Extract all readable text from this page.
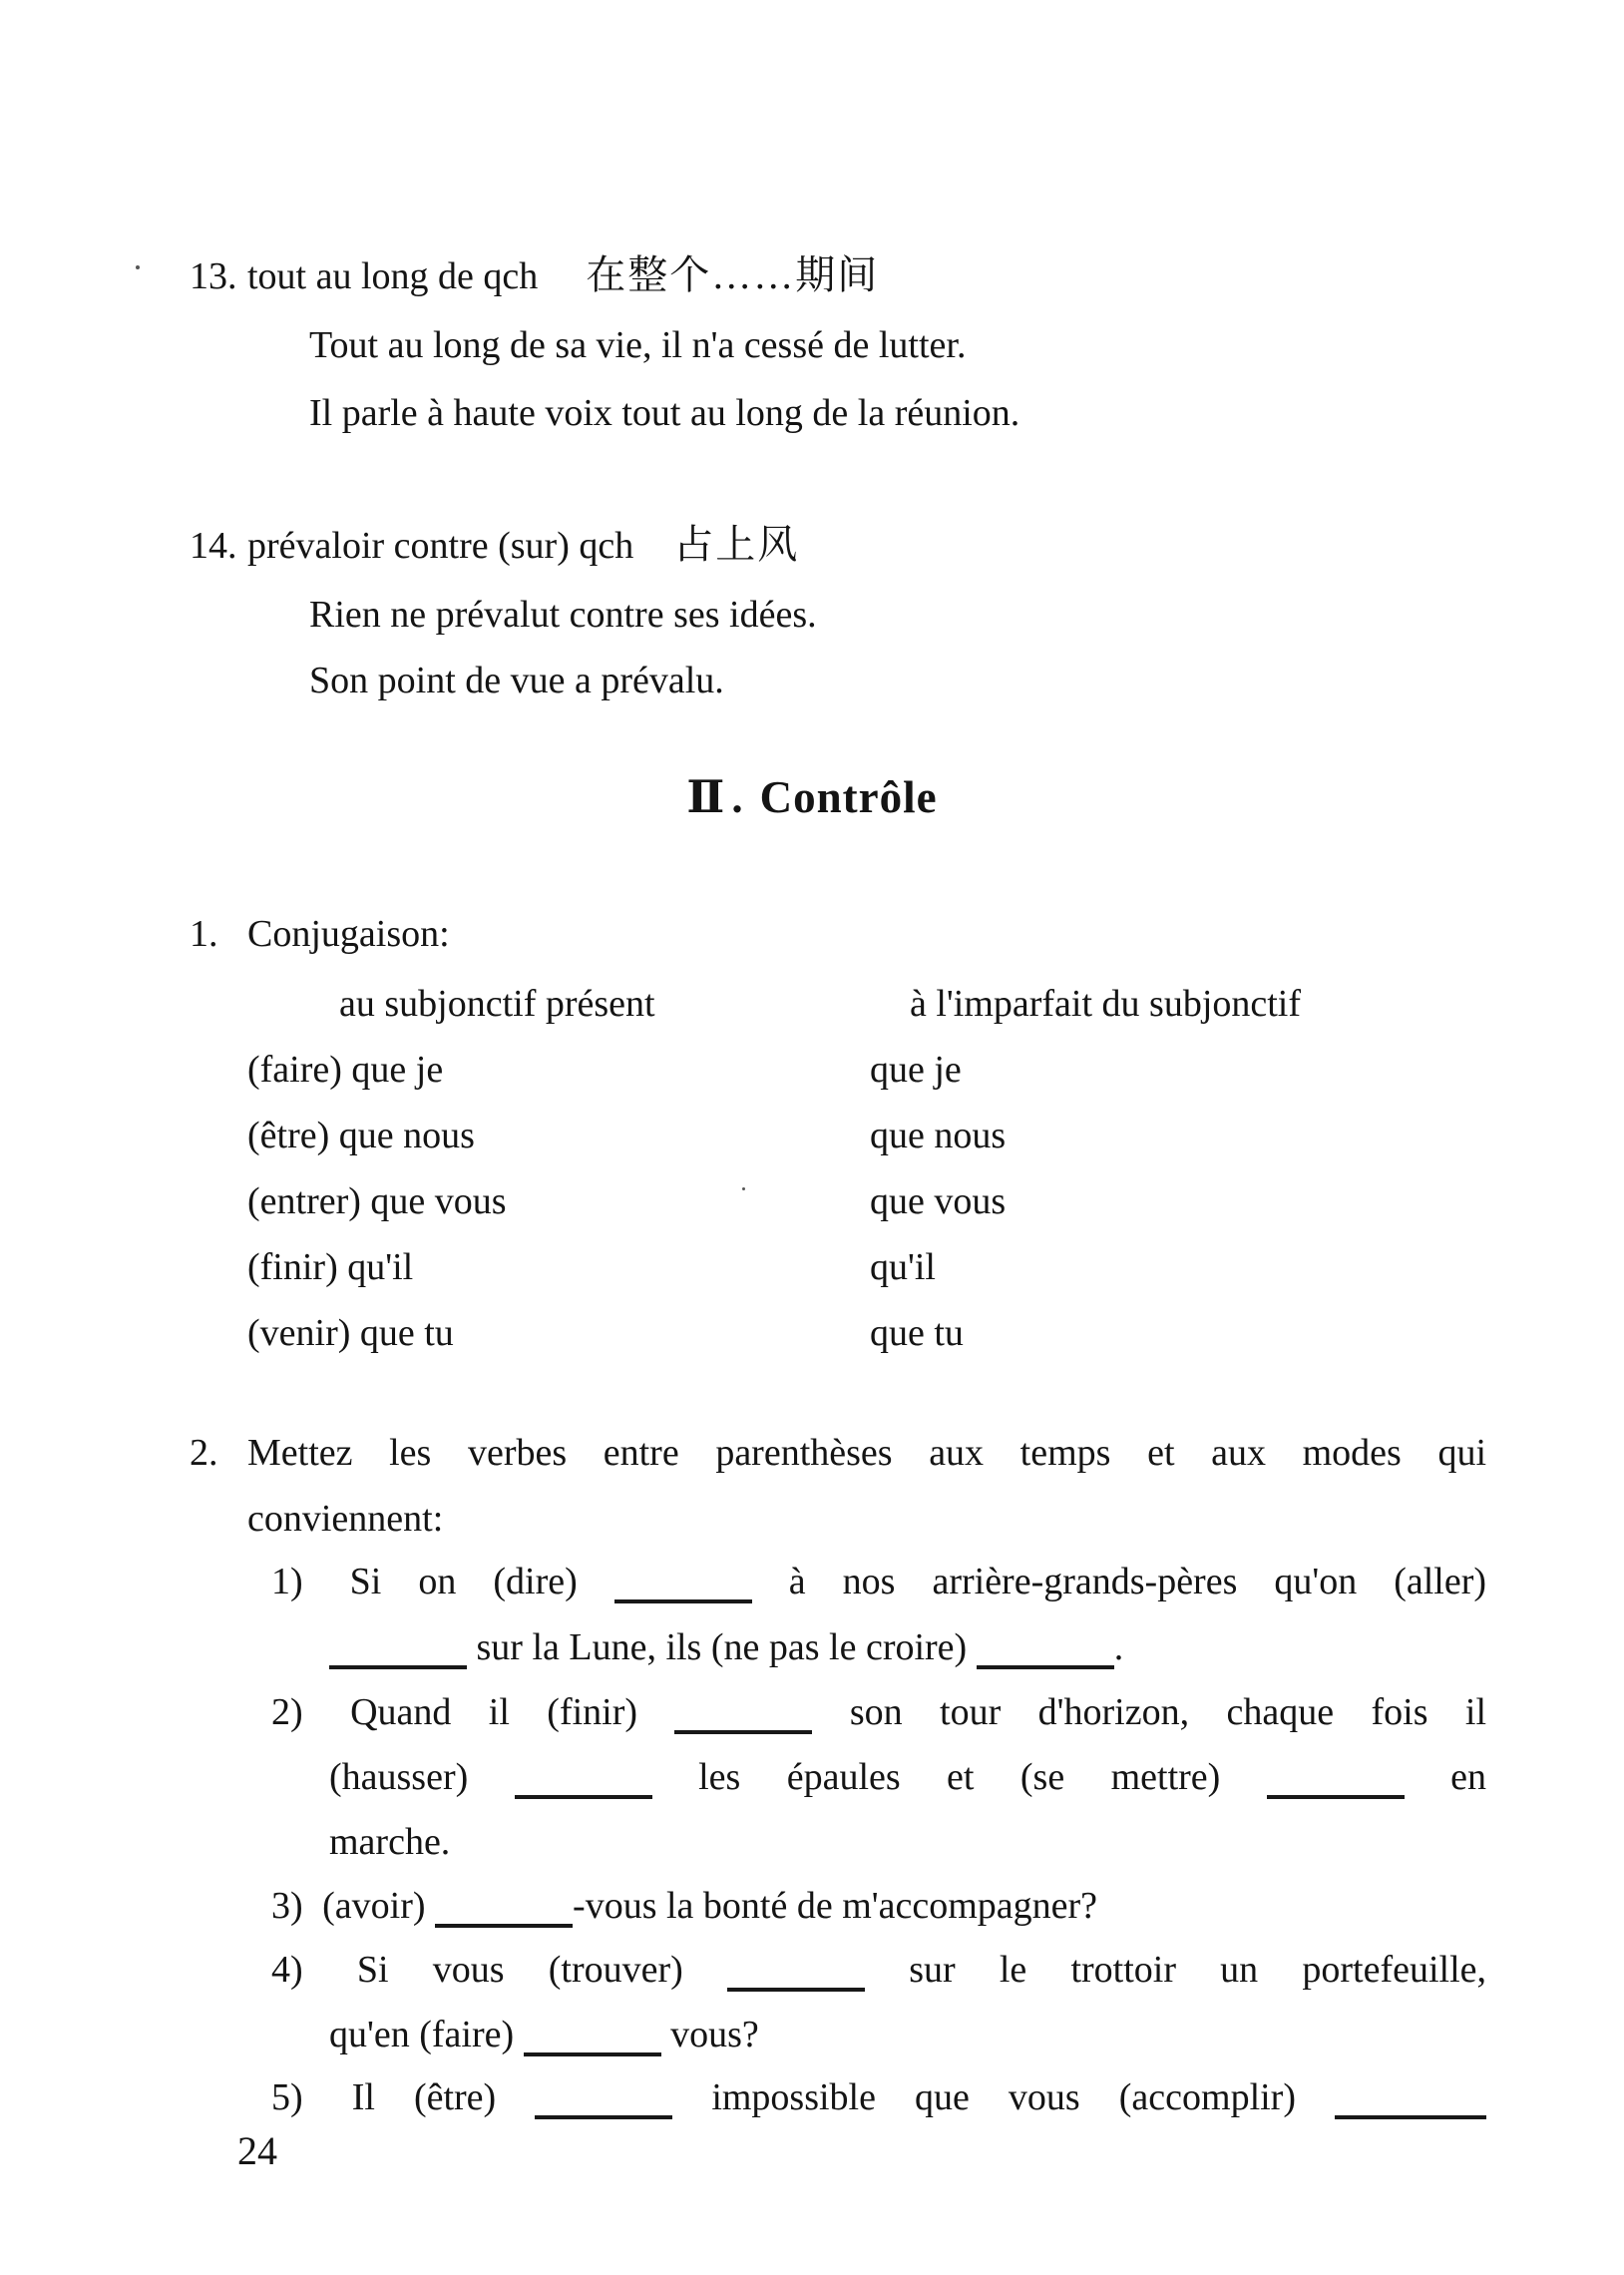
13. tout au long de qch 在整个……期间
Tout au long de sa vie, il n'a cessé de lutter.
Il parle à haute voix tout au long de la réunion.
14. prévaloir contre (sur) qch 占上风
Rien ne prévalut contre ses idées.
Son point de vue a prévalu.
Ⅱ . Contrôle
1. Conjugaison:
au subjonctif présent	à l'imparfait du subjonctif
(faire) que je	que je
(être) que nous	que nous
(entrer) que vous	que vous
(finir) qu'il	qu'il
(venir) que tu	que tu
2. Mettez les verbes entre parenthèses aux temps et aux modes qui
conviennent:
1) Si on (dire)	à nos arrière-grands-pères qu'on (aller)
sur la Lune, ils (ne pas le croire)	.
2) Quand il (finir)	son tour d'horizon, chaque fois il
(hausser)	les épaules et (se mettre)	en
marche.
3) (avoir)	-vous la bonté de m'accompagner?
4) Si vous (trouver)	sur le trottoir un portefeuille,
qu'en (faire)	vous?
5) Il (être)	impossible que vous (accomplir)
24
